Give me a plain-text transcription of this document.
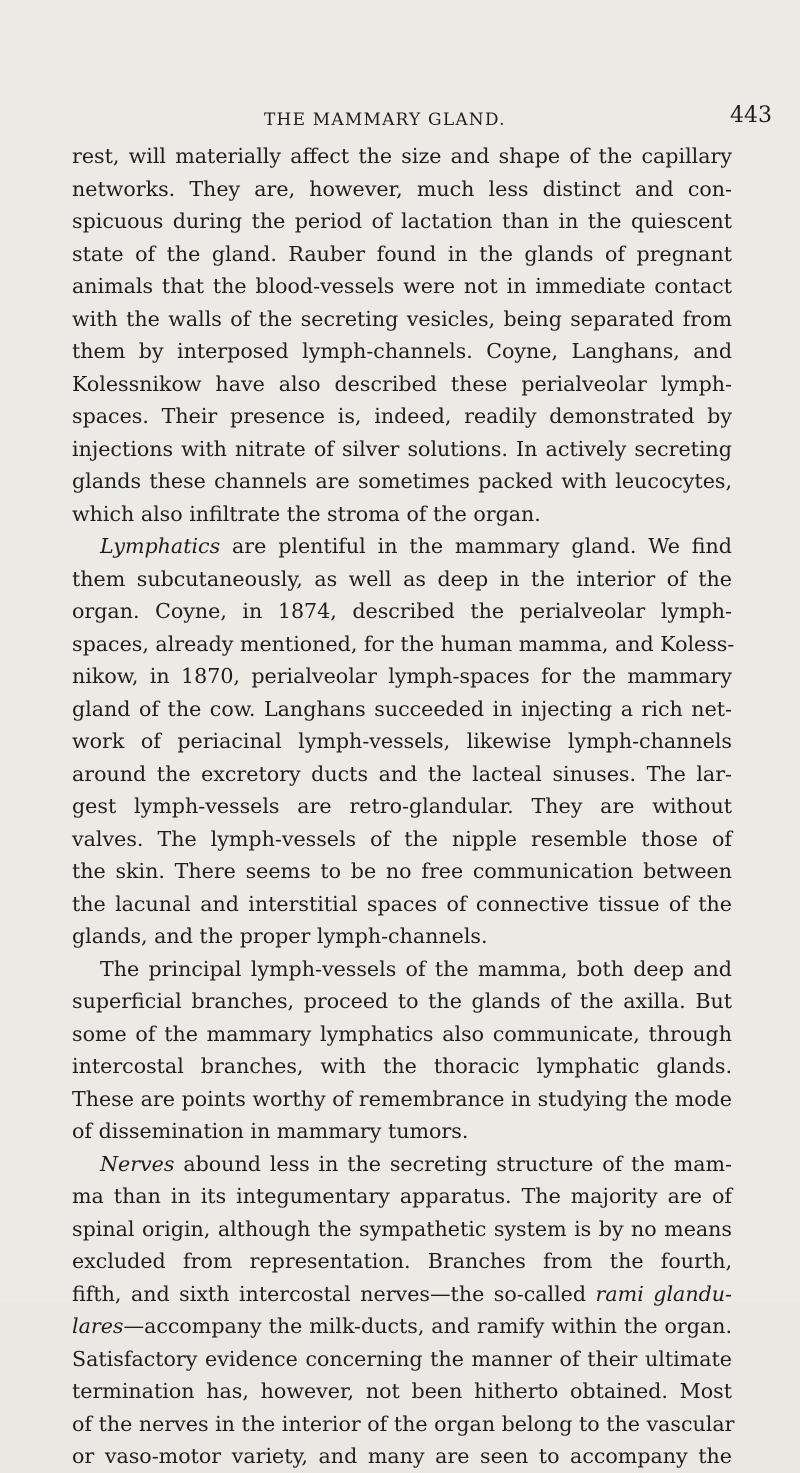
THE MAMMARY GLAND.	443
rest, will materially affect the size and shape of the capillary
networks. They are, however, much less distinct and con-
spicuous during the period of lactation than in the quiescent
state of the gland. Rauber found in the glands of pregnant
animals that the blood-vessels were not in immediate contact
with the walls of the secreting vesicles, being separated from
them by interposed lymph-channels. Coyne, Langhans, and
Kolessnikow have also described these perialveolar lymph-
spaces. Their presence is, indeed, readily demonstrated by
injections with nitrate of silver solutions. In actively secreting
glands these channels are sometimes packed with leucocytes,
which also infiltrate the stroma of the organ.
Lymphatics are plentiful in the mammary gland. We find
them subcutaneously, as well as deep in the interior of the
organ. Coyne, in 1874, described the perialveolar lymph-
spaces, already mentioned, for the human mamma, and Koless-
nikow, in 1870, perialveolar lymph-spaces for the mammary
gland of the cow. Langhans succeeded in injecting a rich net-
work of periacinal lymph-vessels, likewise lymph-channels
around the excretory ducts and the lacteal sinuses. The lar-
gest lymph-vessels are retro-glandular. They are without
valves. The lymph-vessels of the nipple resemble those of
the skin. There seems to be no free communication between
the lacunal and interstitial spaces of connective tissue of the
glands, and the proper lymph-channels.
The principal lymph-vessels of the mamma, both deep and
superficial branches, proceed to the glands of the axilla. But
some of the mammary lymphatics also communicate, through
intercostal branches, with the thoracic lymphatic glands.
These are points worthy of remembrance in studying the mode
of dissemination in mammary tumors.
Nerves abound less in the secreting structure of the mam-
ma than in its integumentary apparatus. The majority are of
spinal origin, although the sympathetic system is by no means
excluded from representation. Branches from the fourth,
fifth, and sixth intercostal nerves—the so-called rami glandu-
lares—accompany the milk-ducts, and ramify within the organ.
Satisfactory evidence concerning the manner of their ultimate
termination has, however, not been hitherto obtained. Most
of the nerves in the interior of the organ belong to the vascular
or vaso-motor variety, and many are seen to accompany the
